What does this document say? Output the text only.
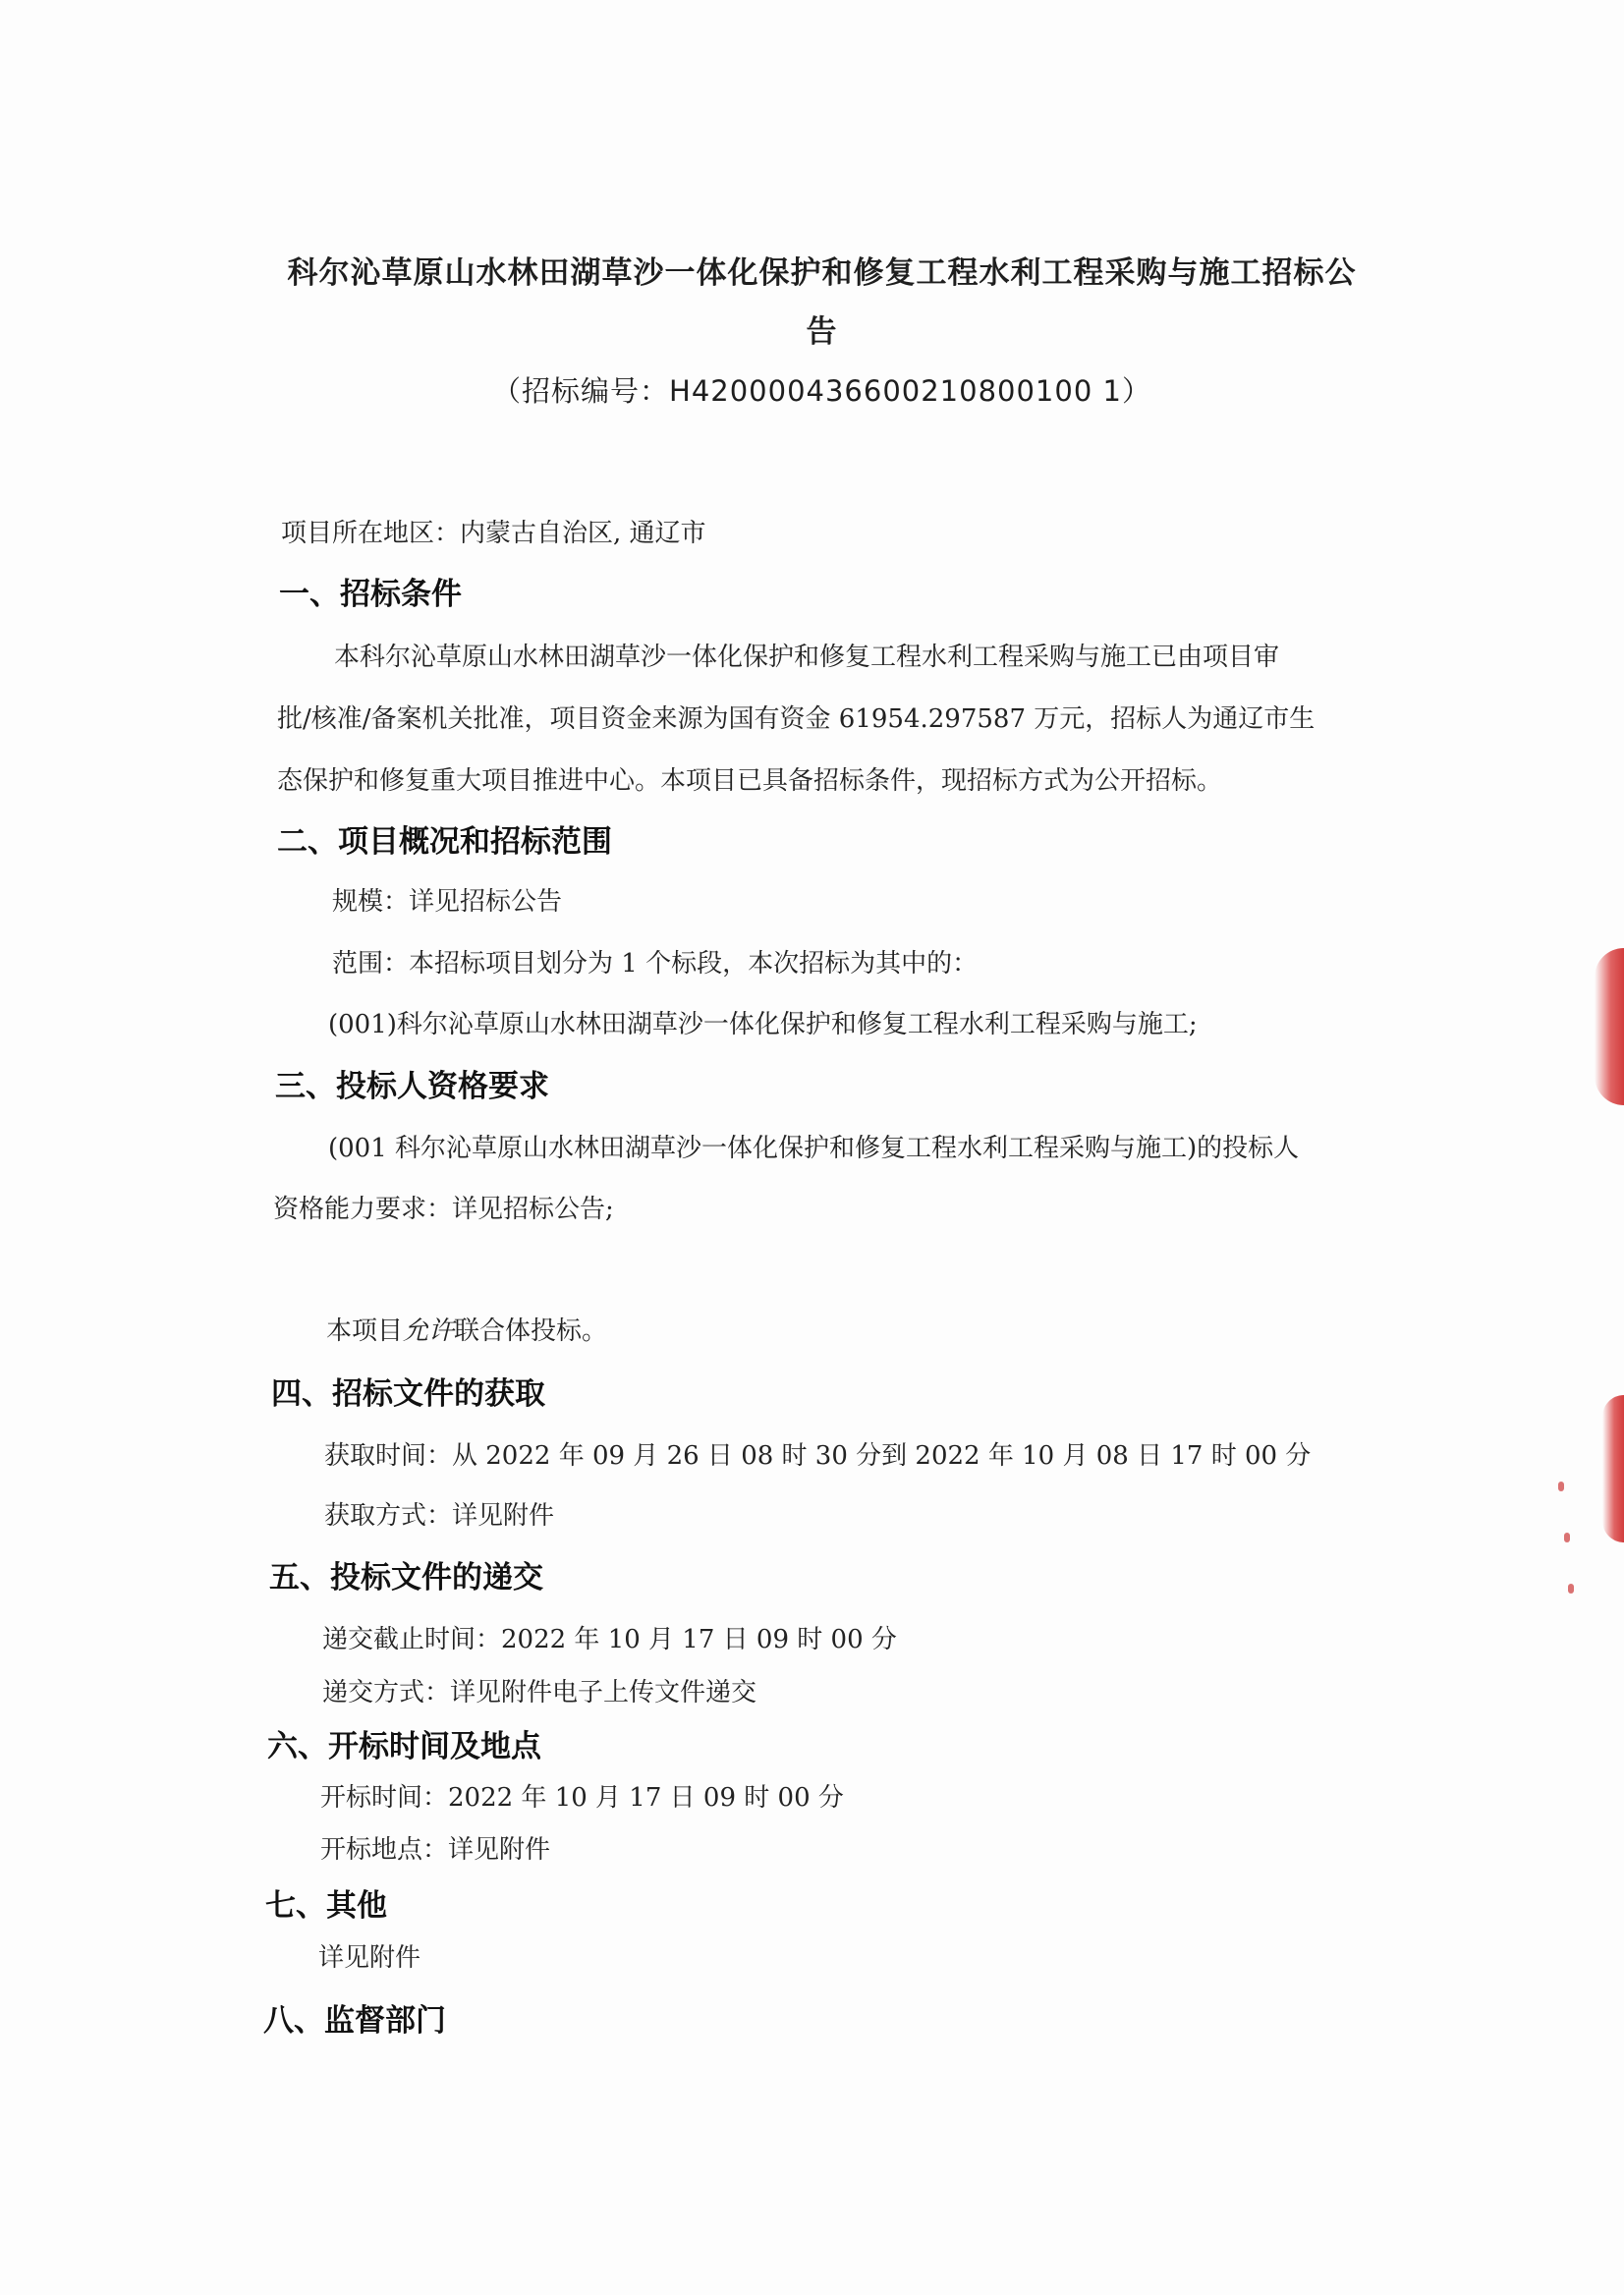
科尔沁草原山水林田湖草沙一体化保护和修复工程水利工程采购与施工招标公
告
（招标编号：H420000436600210800100 1）
项目所在地区：内蒙古自治区, 通辽市
一、招标条件
本科尔沁草原山水林田湖草沙一体化保护和修复工程水利工程采购与施工已由项目审
批/核准/备案机关批准，项目资金来源为国有资金 61954.297587 万元，招标人为通辽市生
态保护和修复重大项目推进中心。本项目已具备招标条件，现招标方式为公开招标。
二、项目概况和招标范围
规模：详见招标公告
范围：本招标项目划分为 1 个标段，本次招标为其中的：
(001)科尔沁草原山水林田湖草沙一体化保护和修复工程水利工程采购与施工;
三、投标人资格要求
(001 科尔沁草原山水林田湖草沙一体化保护和修复工程水利工程采购与施工)的投标人
资格能力要求：详见招标公告;
本项目允许联合体投标。
四、招标文件的获取
获取时间：从 2022 年 09 月 26 日 08 时 30 分到 2022 年 10 月 08 日 17 时 00 分
获取方式：详见附件
五、投标文件的递交
递交截止时间：2022 年 10 月 17 日 09 时 00 分
递交方式：详见附件电子上传文件递交
六、开标时间及地点
开标时间：2022 年 10 月 17 日 09 时 00 分
开标地点：详见附件
七、其他
详见附件
八、监督部门
